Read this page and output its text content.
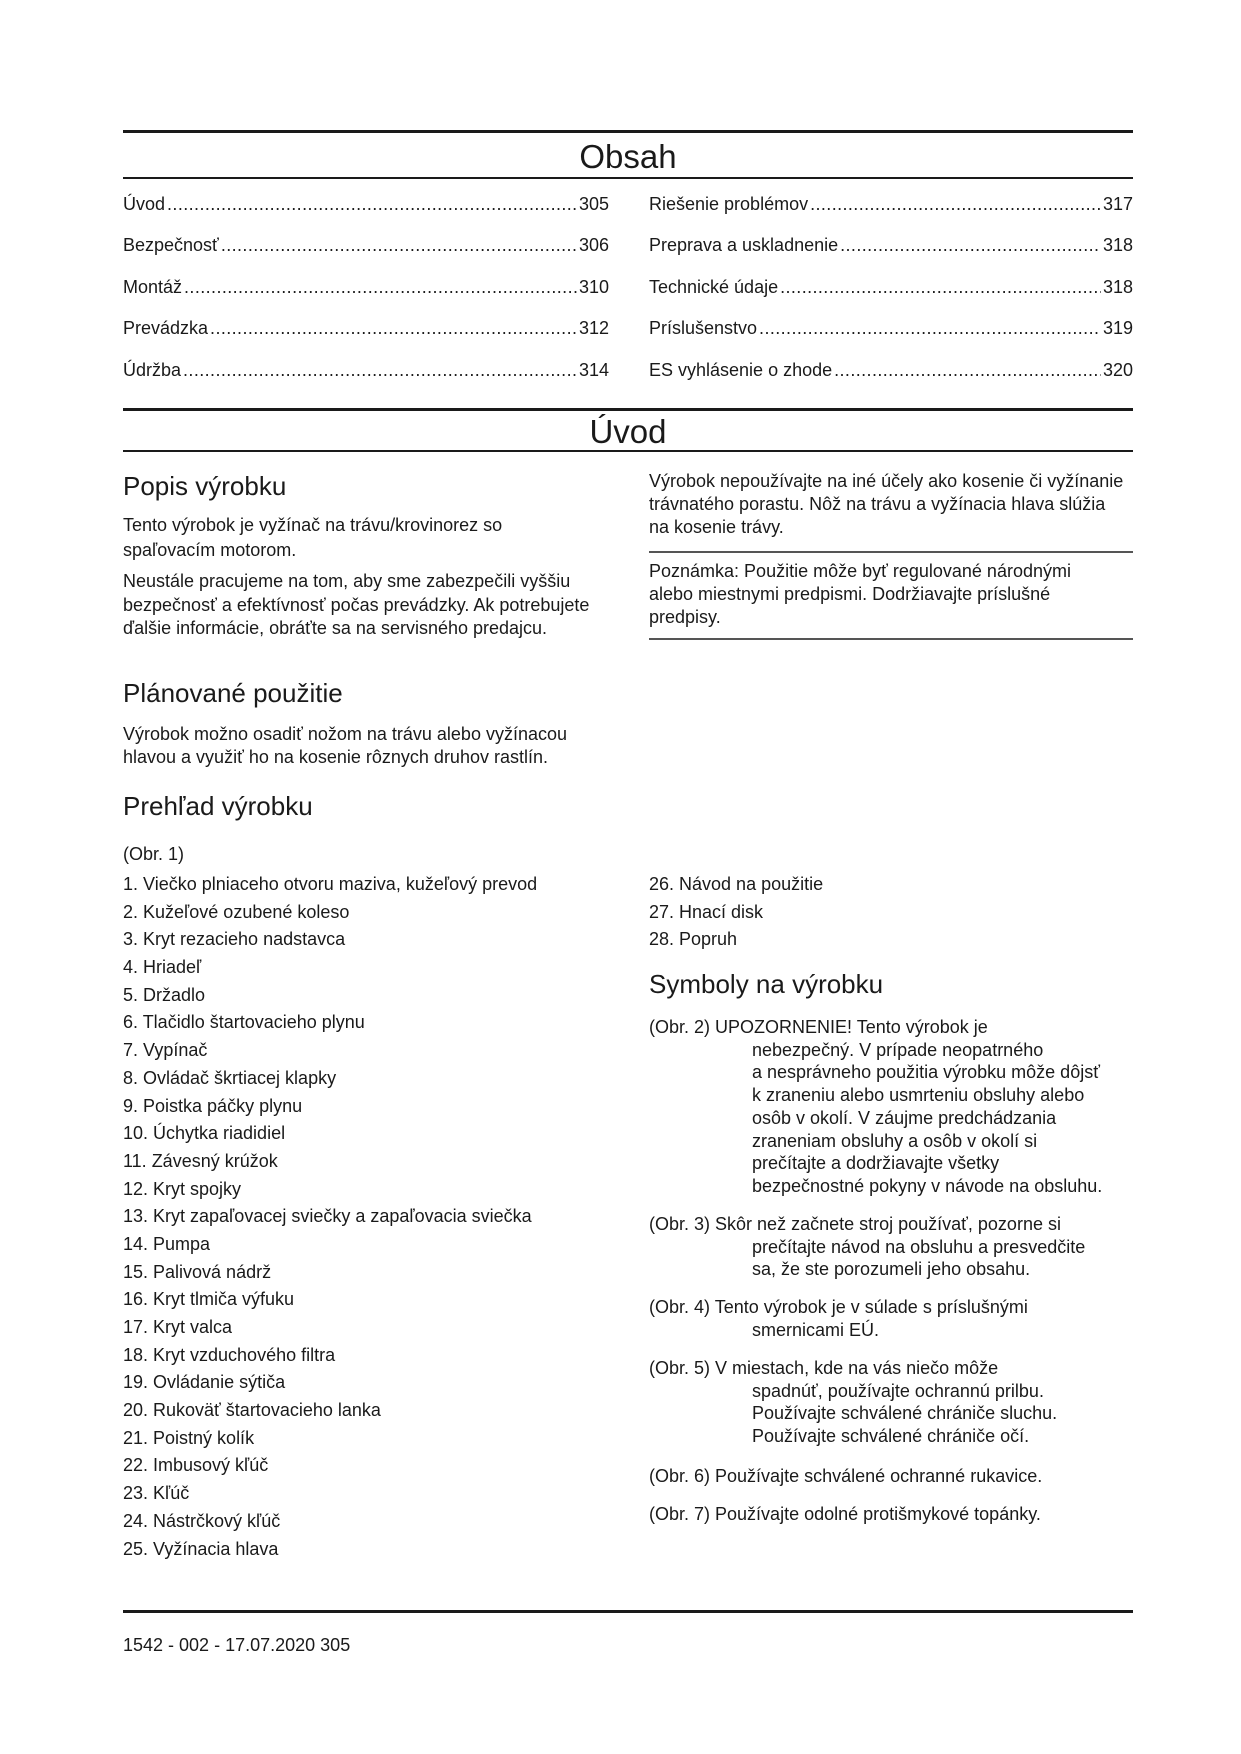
Obsah
Úvod . . .	305
Bezpečnosť . . .	306
Montáž . . .	310
Prevádzka . . .	312
Údržba . . .	314
Riešenie problémov . . .	317
Preprava a uskladnenie . . .	318
Technické údaje . . .	318
Príslušenstvo . . .	319
ES vyhlásenie o zhode . . .	320
Úvod
Popis výrobku

Tento výrobok je vyžínač na trávu/krovinorez so spaľovacím motorom.

Neustále pracujeme na tom, aby sme zabezpečili vyššiu bezpečnosť a efektívnosť počas prevádzky. Ak potrebujete ďalšie informácie, obráťte sa na servisného predajcu.

Plánované použitie

Výrobok možno osadiť nožom na trávu alebo vyžínacou hlavou a využiť ho na kosenie rôznych druhov rastlín.

Výrobok nepoužívajte na iné účely ako kosenie či vyžínanie trávnatého porastu. Nôž na trávu a vyžínacia hlava slúžia na kosenie trávy.

Poznámka: Použitie môže byť regulované národnými alebo miestnymi predpismi. Dodržiavajte príslušné predpisy.

Prehľad výrobku

(Obr. 1)

1. Viečko plniaceho otvoru maziva, kužeľový prevod
2. Kužeľové ozubené koleso
3. Kryt rezacieho nadstavca
4. Hriadeľ
5. Držadlo
6. Tlačidlo štartovacieho plynu
7. Vypínač
8. Ovládač škrtiacej klapky
9. Poistka páčky plynu
10. Úchytka riadidiel
11. Závesný krúžok
12. Kryt spojky
13. Kryt zapaľovacej sviečky a zapaľovacia sviečka
14. Pumpa
15. Palivová nádrž
16. Kryt tlmiča výfuku
17. Kryt valca
18. Kryt vzduchového filtra
19. Ovládanie sýtiča
20. Rukoväť štartovacieho lanka
21. Poistný kolík
22. Imbusový kľúč
23. Kľúč
24. Nástrčkový kľúč
25. Vyžínacia hlava
26. Návod na použitie
27. Hnací disk
28. Popruh
Symboly na výrobku
(Obr. 2) UPOZORNENIE! Tento výrobok je
nebezpečný. V prípade neopatrného
a nesprávneho použitia výrobku môže dôjsť
k zraneniu alebo usmrteniu obsluhy alebo
osôb v okolí. V záujme predchádzania
zraneniam obsluhy a osôb v okolí si
prečítajte a dodržiavajte všetky
bezpečnostné pokyny v návode na obsluhu.
(Obr. 3) Skôr než začnete stroj používať, pozorne si
prečítajte návod na obsluhu a presvedčite
sa, že ste porozumeli jeho obsahu.
(Obr. 4) Tento výrobok je v súlade s príslušnými
smernicami EÚ.
(Obr. 5) V miestach, kde na vás niečo môže
spadnúť, používajte ochrannú prilbu.
Používajte schválené chrániče sluchu.
Používajte schválené chrániče očí.
(Obr. 6) Používajte schválené ochranné rukavice.
(Obr. 7) Používajte odolné protišmykové topánky.
1542 - 002 - 17.07.2020 305
